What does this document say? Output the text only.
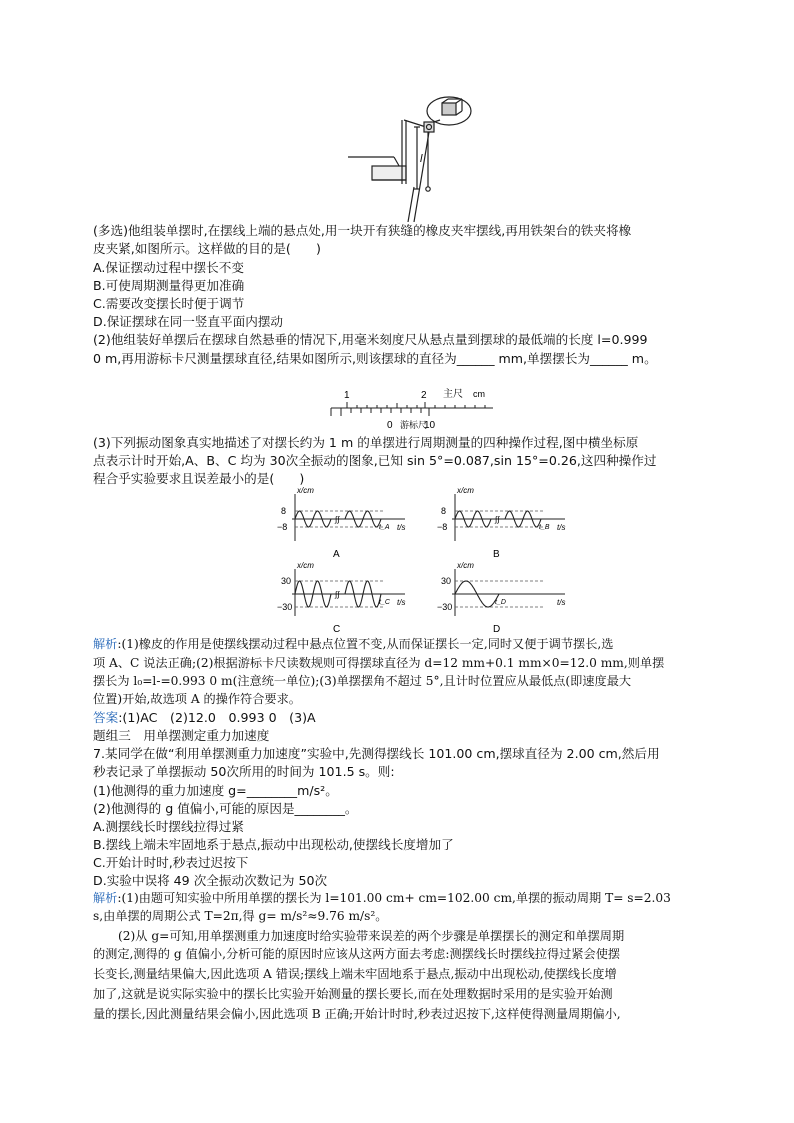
l
(多选)他组装单摆时,在摆线上端的悬点处,用一块开有狭缝的橡皮夹牢摆线,再用铁架台的铁夹将橡
皮夹紧,如图所示。这样做的目的是(　　)
A.保证摆动过程中摆长不变
B.可使周期测量得更加准确
C.需要改变摆长时便于调节
D.保证摆球在同一竖直平面内摆动
(2)他组装好单摆后在摆球自然悬垂的情况下,用毫米刻度尺从悬点量到摆球的最低端的长度 l=0.999
0 m,再用游标卡尺测量摆球直径,结果如图所示,则该摆球的直径为______ mm,单摆摆长为______ m。
1	2 主尺 cm
0 游标尺
10
(3)下列振动图象真实地描述了对摆长约为 1 m 的单摆进行周期测量的四种操作过程,图中横坐标原
点表示计时开始,A、B、C 均为 30次全振动的图象,已知 sin 5°=0.087,sin 15°=0.26,这四种操作过
程合乎实验要求且误差最小的是(　　)
∫∫
8
−8
x/cm
t/s
t_A
A
∫∫
8
−8
x/cm
t/s
t_B
B
∫∫
30
−30
x/cm
t/s
t_C
C
30
−30
x/cm
t/s
t_D
D
解析:(1)橡皮的作用是使摆线摆动过程中悬点位置不变,从而保证摆长一定,同时又便于调节摆长,选
项 A、C 说法正确;(2)根据游标卡尺读数规则可得摆球直径为 d=12 mm+0.1 mm×0=12.0 mm,则单摆
摆长为 l₀=l-=0.993 0 m(注意统一单位);(3)单摆摆角不超过 5°,且计时位置应从最低点(即速度最大
位置)开始,故选项 A 的操作符合要求。
答案:(1)AC　(2)12.0　0.993 0　(3)A
题组三　用单摆测定重力加速度
7.某同学在做“利用单摆测重力加速度”实验中,先测得摆线长 101.00 cm,摆球直径为 2.00 cm,然后用
秒表记录了单摆振动 50次所用的时间为 101.5 s。则:
(1)他测得的重力加速度 g=________m/s²。
(2)他测得的 g 值偏小,可能的原因是________。
A.测摆线长时摆线拉得过紧
B.摆线上端未牢固地系于悬点,振动中出现松动,使摆线长度增加了
C.开始计时时,秒表过迟按下
D.实验中误将 49 次全振动次数记为 50次
解析:(1)由题可知实验中所用单摆的摆长为 l=101.00 cm+ cm=102.00 cm,单摆的振动周期 T= s=2.03
s,由单摆的周期公式 T=2π,得 g= m/s²≈9.76 m/s²。
(2)从 g=可知,用单摆测重力加速度时给实验带来误差的两个步骤是单摆摆长的测定和单摆周期
的测定,测得的 g 值偏小,分析可能的原因时应该从这两方面去考虑:测摆线长时摆线拉得过紧会使摆
长变长,测量结果偏大,因此选项 A 错误;摆线上端未牢固地系于悬点,振动中出现松动,使摆线长度增
加了,这就是说实际实验中的摆长比实验开始测量的摆长要长,而在处理数据时采用的是实验开始测
量的摆长,因此测量结果会偏小,因此选项 B 正确;开始计时时,秒表过迟按下,这样使得测量周期偏小,
